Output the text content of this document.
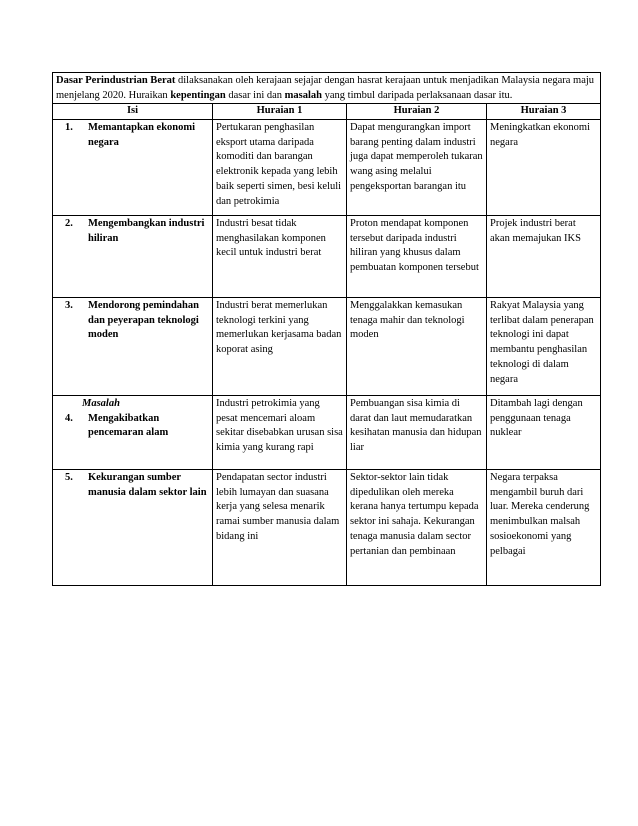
Dasar Perindustrian Berat dilaksanakan oleh kerajaan sejajar dengan hasrat kerajaan untuk menjadikan Malaysia negara maju menjelang 2020. Huraikan kepentingan dasar ini dan masalah yang timbul daripada perlaksanaan dasar itu.			
Isi	Huraian 1	Huraian 2	Huraian 3

1. Memantapkan ekonomi negara	Pertukaran penghasilan eksport utama daripada komoditi dan barangan elektronik kepada yang lebih baik seperti simen, besi keluli dan petrokimia	Dapat mengurangkan import barang penting dalam industri juga dapat memperoleh tukaran wang asing melalui pengeksportan barangan itu	Meningkatkan ekonomi negara

2. Mengembangkan industri hiliran	Industri besat tidak menghasilakan komponen kecil untuk industri berat	Proton mendapat komponen tersebut daripada industri hiliran yang khusus dalam pembuatan komponen tersebut	Projek industri berat akan memajukan IKS

3. Mendorong pemindahan dan peyerapan teknologi moden	Industri berat memerlukan teknologi terkini yang memerlukan kerjasama badan koporat asing	Menggalakkan kemasukan tenaga mahir dan teknologi moden	Rakyat Malaysia yang terlibat dalam penerapan teknologi ini dapat membantu penghasilan teknologi di dalam negara

Masalah
4. Mengakibatkan pencemaran alam	Industri petrokimia yang pesat mencemari aloam sekitar disebabkan urusan sisa kimia yang kurang rapi	Pembuangan sisa kimia di darat dan laut memudaratkan kesihatan manusia dan hidupan liar	Ditambah lagi dengan penggunaan tenaga nuklear

5. Kekurangan sumber manusia dalam sektor lain	Pendapatan sector industri lebih lumayan dan suasana kerja yang selesa menarik ramai sumber manusia dalam bidang ini	Sektor-sektor lain tidak dipedulikan oleh mereka kerana hanya tertumpu kepada sektor ini sahaja. Kekurangan tenaga manusia dalam sector pertanian dan pembinaan	Negara terpaksa mengambil buruh dari luar. Mereka cenderung menimbulkan malsah sosioekonomi yang pelbagai
